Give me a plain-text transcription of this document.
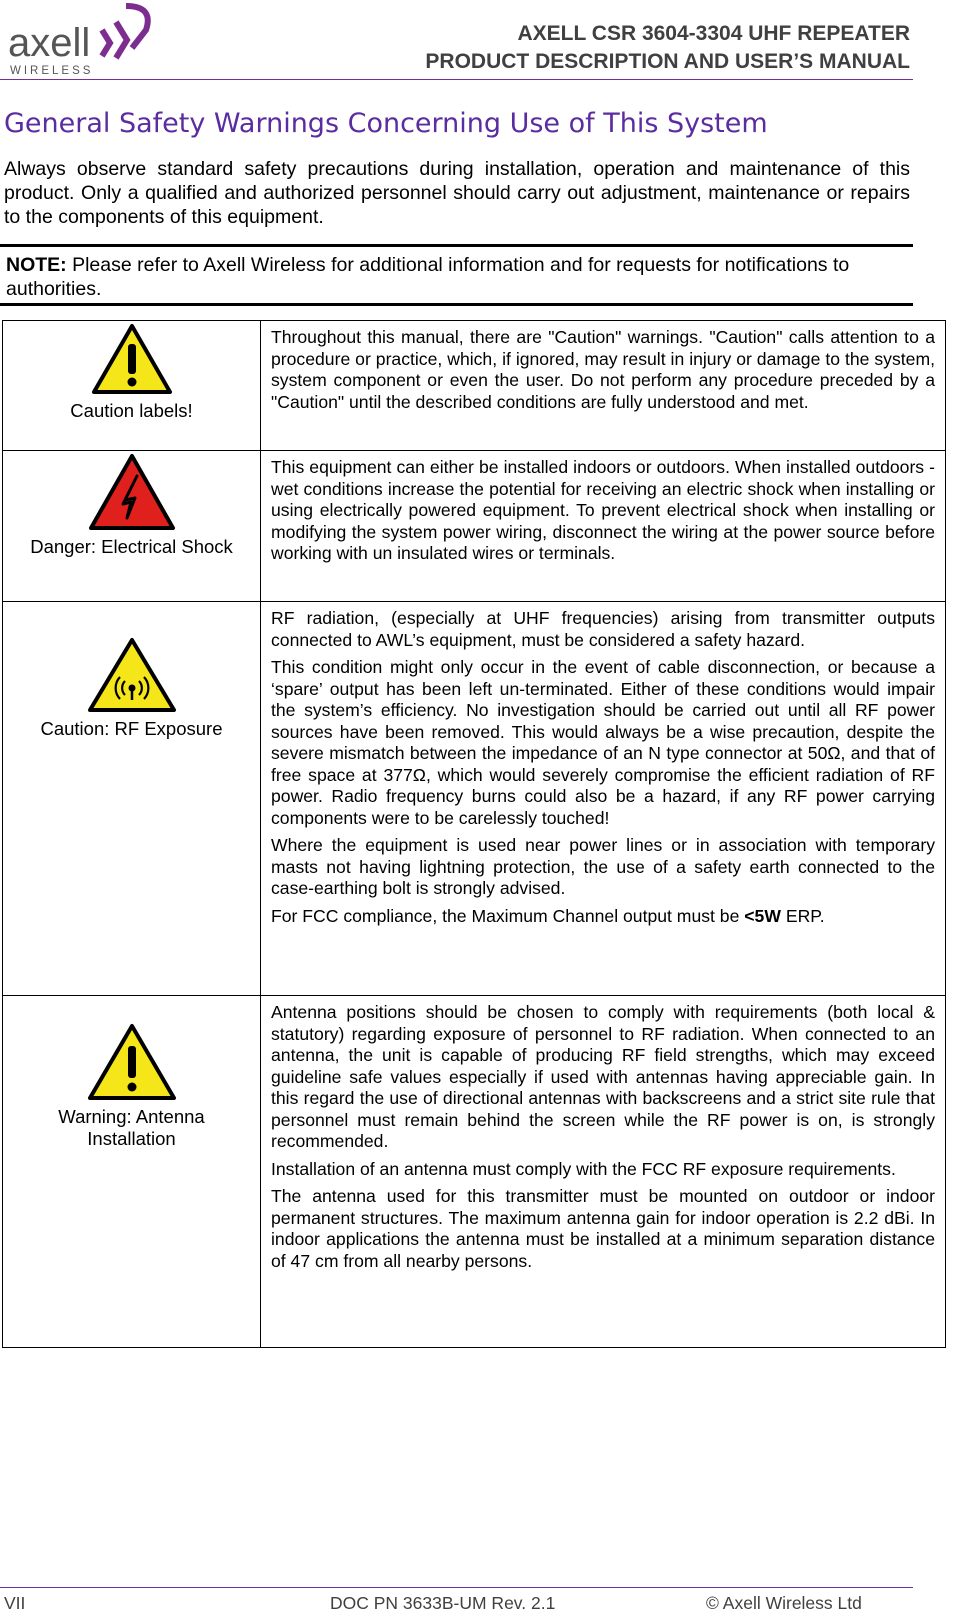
axell
WIRELESS
AXELL CSR 3604-3304 UHF REPEATER
PRODUCT DESCRIPTION AND USER’S MANUAL
General Safety Warnings Concerning Use of This System

Always observe standard safety precautions during installation, operation and maintenance of this product. Only a qualified and authorized personnel should carry out adjustment, maintenance or repairs to the components of this equipment.

NOTE: Please refer to Axell Wireless for additional information and for requests for notifications to authorities.
Caution labels!	Throughout this manual, there are "Caution" warnings. "Caution" calls attention to a procedure or practice, which, if ignored, may result in injury or damage to the system, system component or even the user. Do not perform any procedure preceded by a "Caution" until the described conditions are fully understood and met.

Danger: Electrical Shock	This equipment can either be installed indoors or outdoors. When installed outdoors - wet conditions increase the potential for receiving an electric shock when installing or using electrically powered equipment. To prevent electrical shock when installing or modifying the system power wiring, disconnect the wiring at the power source before working with un insulated wires or terminals.

Caution: RF Exposure	RF radiation, (especially at UHF frequencies) arising from transmitter outputs connected to AWL’s equipment, must be considered a safety hazard.

This condition might only occur in the event of cable disconnection, or because a ‘spare’ output has been left un-terminated. Either of these conditions would impair the system’s efficiency. No investigation should be carried out until all RF power sources have been removed. This would always be a wise precaution, despite the severe mismatch between the impedance of an N type connector at 50Ω, and that of free space at 377Ω, which would severely compromise the efficient radiation of RF power. Radio frequency burns could also be a hazard, if any RF power carrying components were to be carelessly touched!

Where the equipment is used near power lines or in association with temporary masts not having lightning protection, the use of a safety earth connected to the case-earthing bolt is strongly advised.

For FCC compliance, the Maximum Channel output must be <5W ERP.

Warning: Antenna Installation	Antenna positions should be chosen to comply with requirements (both local & statutory) regarding exposure of personnel to RF radiation. When connected to an antenna, the unit is capable of producing RF field strengths, which may exceed guideline safe values especially if used with antennas having appreciable gain. In this regard the use of directional antennas with backscreens and a strict site rule that personnel must remain behind the screen while the RF power is on, is strongly recommended.

Installation of an antenna must comply with the FCC RF exposure requirements.

The antenna used for this transmitter must be mounted on outdoor or indoor permanent structures. The maximum antenna gain for indoor operation is 2.2 dBi. In indoor applications the antenna must be installed at a minimum separation distance of 47 cm from all nearby persons.

VII	DOC PN 3633B-UM Rev. 2.1	© Axell Wireless Ltd
